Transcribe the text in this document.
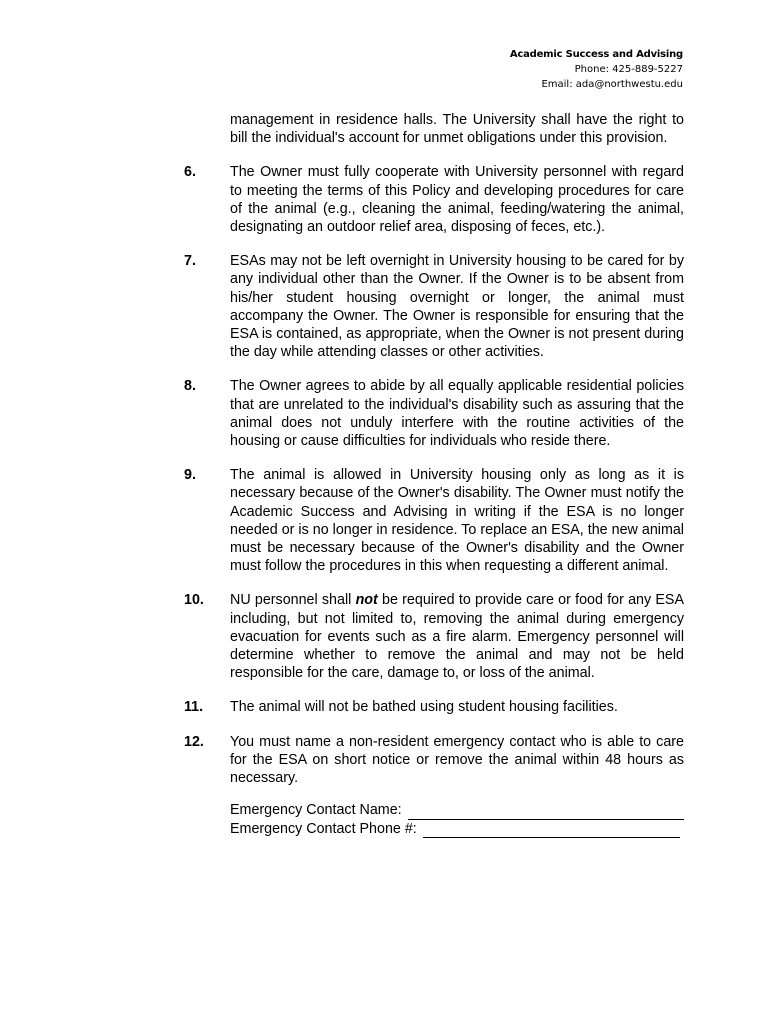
Academic Success and Advising
Phone: 425-889-5227
Email: ada@northwestu.edu

management in residence halls. The University shall have the right to bill the individual's account for unmet obligations under this provision.

6.	The Owner must fully cooperate with University personnel with regard to meeting the terms of this Policy and developing procedures for care of the animal (e.g., cleaning the animal, feeding/watering the animal, designating an outdoor relief area, disposing of feces, etc.).
7.	ESAs may not be left overnight in University housing to be cared for by any individual other than the Owner. If the Owner is to be absent from his/her student housing overnight or longer, the animal must accompany the Owner. The Owner is responsible for ensuring that the ESA is contained, as appropriate, when the Owner is not present during the day while attending classes or other activities.
8.	The Owner agrees to abide by all equally applicable residential policies that are unrelated to the individual's disability such as assuring that the animal does not unduly interfere with the routine activities of the housing or cause difficulties for individuals who reside there.
9.	The animal is allowed in University housing only as long as it is necessary because of the Owner's disability. The Owner must notify the Academic Success and Advising in writing if the ESA is no longer needed or is no longer in residence. To replace an ESA, the new animal must be necessary because of the Owner's disability and the Owner must follow the procedures in this when requesting a different animal.
10.	NU personnel shall not be required to provide care or food for any ESA including, but not limited to, removing the animal during emergency evacuation for events such as a fire alarm. Emergency personnel will determine whether to remove the animal and may not be held responsible for the care, damage to, or loss of the animal.
11.	The animal will not be bathed using student housing facilities.
12.	You must name a non-resident emergency contact who is able to care for the ESA on short notice or remove the animal within 48 hours as necessary.
Emergency Contact Name:
Emergency Contact Phone #:
